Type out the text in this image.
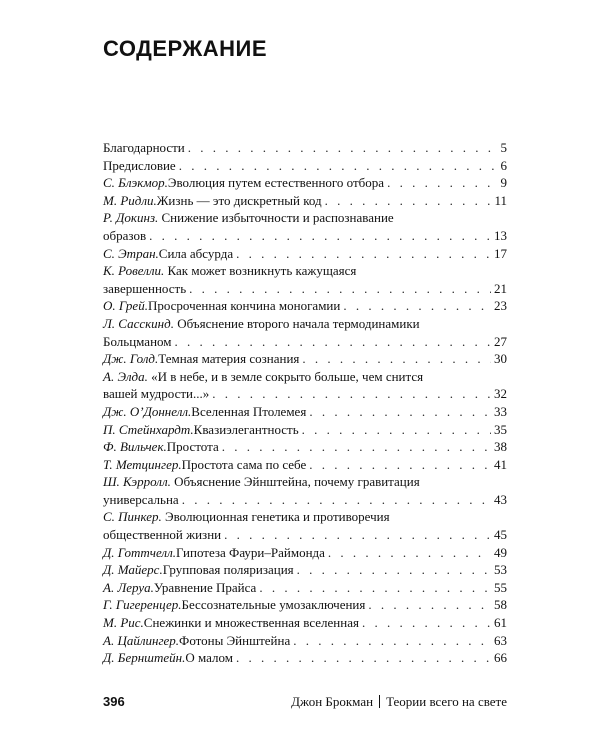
СОДЕРЖАНИЕ
Благодарности . . .	5
Предисловие . . .	6
С. Блэкмор. Эволюция путем естественного отбора . . .	9
М. Ридли. Жизнь — это дискретный код . . .	11
Р. Докинз. Снижение избыточности и распознавание
образов . . .	13
С. Этран. Сила абсурда . . .	17
К. Ровелли. Как может возникнуть кажущаяся
завершенность . . .	21
О. Грей. Просроченная кончина моногамии . . .	23
Л. Сасскинд. Объяснение второго начала термодинамики
Больцманом . . .	27
Дж. Голд. Темная материя сознания . . .	30
А. Элда. «И в небе, и в земле сокрыто больше, чем снится
вашей мудрости...» . . .	32
Дж. О’Доннелл. Вселенная Птолемея . . .	33
П. Стейнхардт. Квазиэлегантность . . .	35
Ф. Вильчек. Простота . . .	38
Т. Метцингер. Простота сама по себе . . .	41
Ш. Кэрролл. Объяснение Эйнштейна, почему гравитация
универсальна . . .	43
С. Пинкер. Эволюционная генетика и противоречия
общественной жизни . . .	45
Д. Готтчелл. Гипотеза Фаури–Раймонда . . .	49
Д. Майерс. Групповая поляризация . . .	53
А. Леруа. Уравнение Прайса . . .	55
Г. Гигеренцер. Бессознательные умозаключения . . .	58
М. Рис. Снежинки и множественная вселенная . . .	61
А. Цайлингер. Фотоны Эйнштейна . . .	63
Д. Бернштейн. О малом . . .	66
396	Джон Брокман Теории всего на свете
